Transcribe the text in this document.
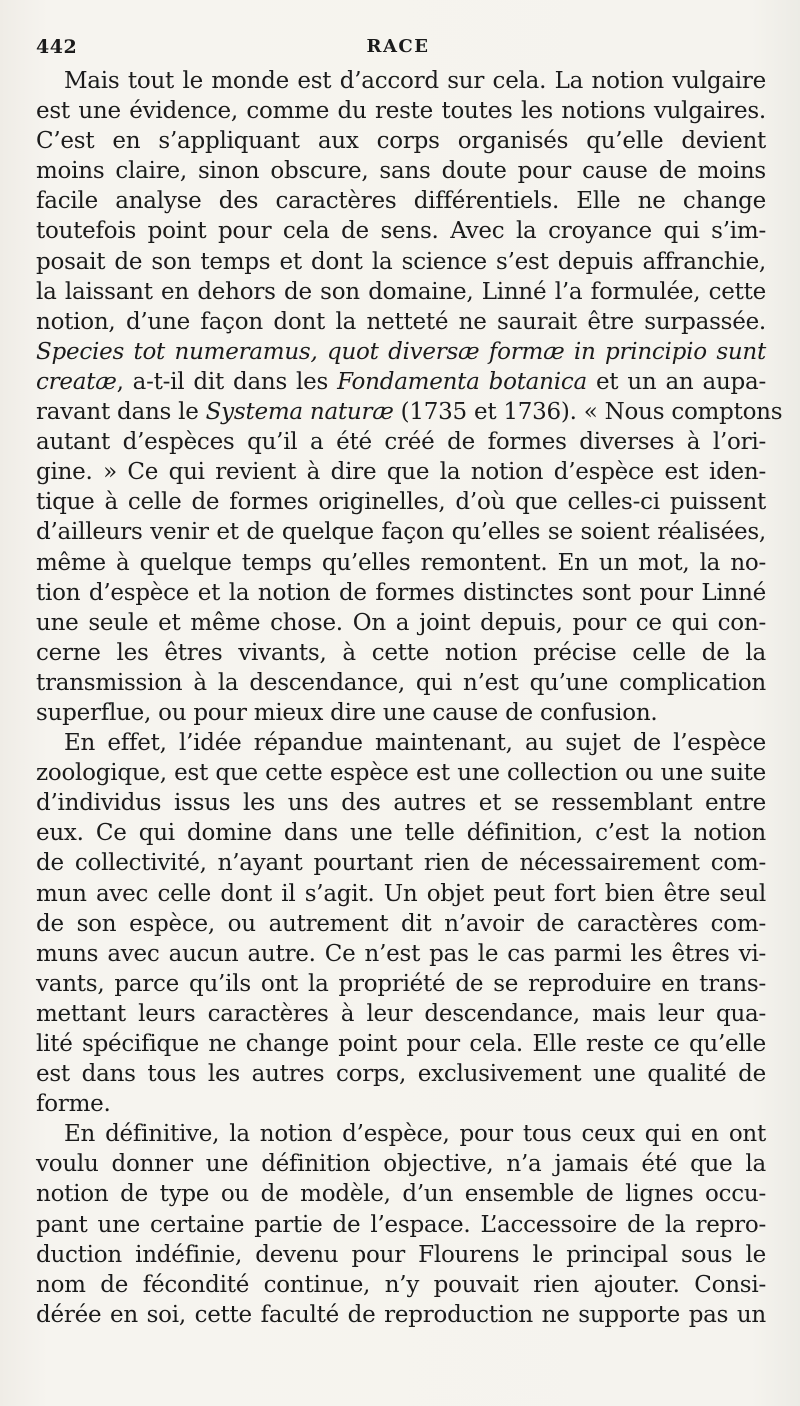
442	RACE

Mais tout le monde est d’accord sur cela. La notion vulgaire
est une évidence, comme du reste toutes les notions vulgaires.
C’est en s’appliquant aux corps organisés qu’elle devient
moins claire, sinon obscure, sans doute pour cause de moins
facile analyse des caractères différentiels. Elle ne change
toutefois point pour cela de sens. Avec la croyance qui s’im-
posait de son temps et dont la science s’est depuis affranchie,
la laissant en dehors de son domaine, Linné l’a formulée, cette
notion, d’une façon dont la netteté ne saurait être surpassée.
Species tot numeramus, quot diversæ formæ in principio sunt
creatæ, a-t-il dit dans les Fondamenta botanica et un an aupa-
ravant dans le Systema naturæ (1735 et 1736). « Nous comptons
autant d’espèces qu’il a été créé de formes diverses à l’ori-
gine. » Ce qui revient à dire que la notion d’espèce est iden-
tique à celle de formes originelles, d’où que celles-ci puissent
d’ailleurs venir et de quelque façon qu’elles se soient réalisées,
même à quelque temps qu’elles remontent. En un mot, la no-
tion d’espèce et la notion de formes distinctes sont pour Linné
une seule et même chose. On a joint depuis, pour ce qui con-
cerne les êtres vivants, à cette notion précise celle de la
transmission à la descendance, qui n’est qu’une complication
superflue, ou pour mieux dire une cause de confusion.

En effet, l’idée répandue maintenant, au sujet de l’espèce
zoologique, est que cette espèce est une collection ou une suite
d’individus issus les uns des autres et se ressemblant entre
eux. Ce qui domine dans une telle définition, c’est la notion
de collectivité, n’ayant pourtant rien de nécessairement com-
mun avec celle dont il s’agit. Un objet peut fort bien être seul
de son espèce, ou autrement dit n’avoir de caractères com-
muns avec aucun autre. Ce n’est pas le cas parmi les êtres vi-
vants, parce qu’ils ont la propriété de se reproduire en trans-
mettant leurs caractères à leur descendance, mais leur qua-
lité spécifique ne change point pour cela. Elle reste ce qu’elle
est dans tous les autres corps, exclusivement une qualité de
forme.

En définitive, la notion d’espèce, pour tous ceux qui en ont
voulu donner une définition objective, n’a jamais été que la
notion de type ou de modèle, d’un ensemble de lignes occu-
pant une certaine partie de l’espace. L’accessoire de la repro-
duction indéfinie, devenu pour Flourens le principal sous le
nom de fécondité continue, n’y pouvait rien ajouter. Consi-
dérée en soi, cette faculté de reproduction ne supporte pas un
